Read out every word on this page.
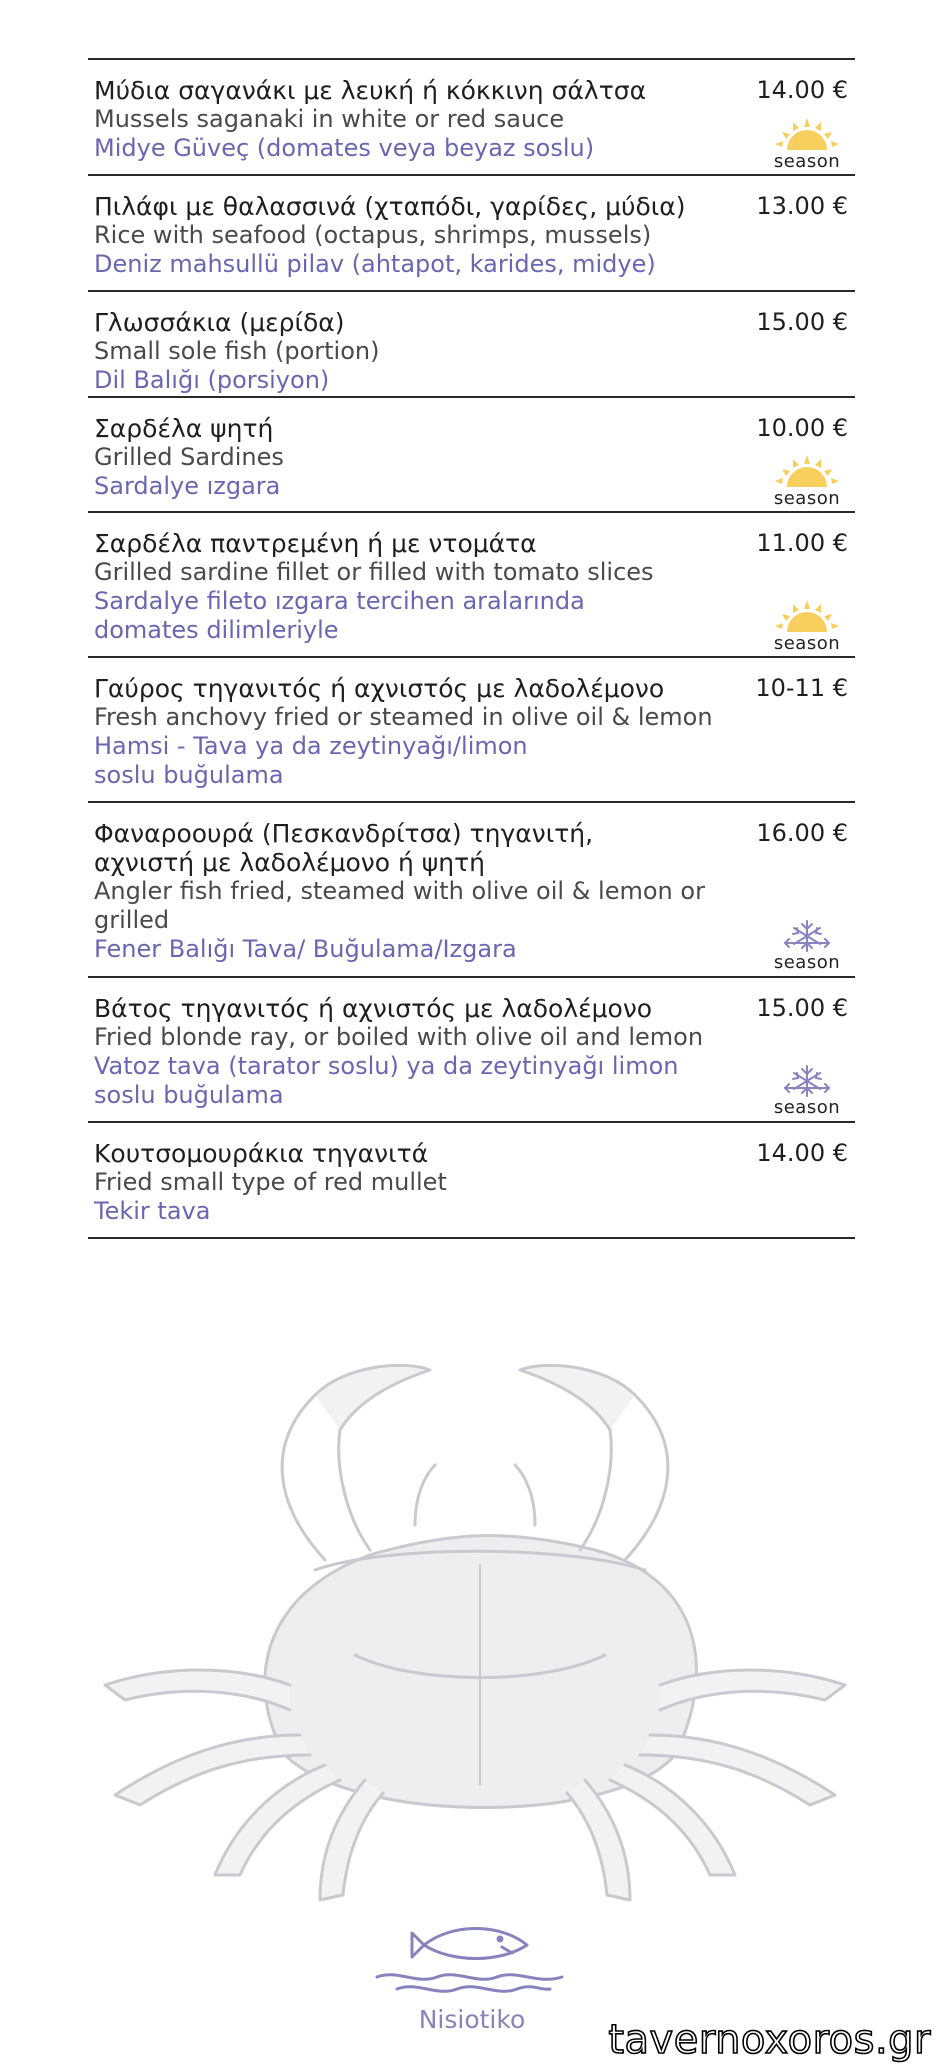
Μύδια σαγανάκι με λευκή ή κόκκινη σάλτσα
Mussels saganaki in white or red sauce
Midye Güveç (domates veya beyaz soslu)
14.00 €
season
Πιλάφι με θαλασσινά (χταπόδι, γαρίδες, μύδια)
Rice with seafood (octapus, shrimps, mussels)
Deniz mahsullü pilav (ahtapot, karides, midye)
13.00 €
Γλωσσάκια (μερίδα)
Small sole fish (portion)
Dil Balığı (porsiyon)
15.00 €
Σαρδέλα ψητή
Grilled Sardines
Sardalye ızgara
10.00 €
season
Σαρδέλα παντρεμένη ή με ντομάτα
Grilled sardine fillet or filled with tomato slices
Sardalye fileto ızgara tercihen aralarında domates dilimleriyle
11.00 €
season
Γαύρος τηγανιτός ή αχνιστός με λαδολέμονο
Fresh anchovy fried or steamed in olive oil & lemon
Hamsi - Tava ya da zeytinyağı/limon soslu buğulama
10-11 €
Φαναροουρά (Πεσκανδρίτσα) τηγανιτή, αχνιστή με λαδολέμονο ή ψητή
Angler fish fried, steamed with olive oil & lemon or grilled
Fener Balığı Tava/ Buğulama/Izgara
16.00 €
season
Βάτος τηγανιτός ή αχνιστός με λαδολέμονο
Fried blonde ray, or boiled with olive oil and lemon
Vatoz tava (tarator soslu) ya da zeytinyağı limon soslu buğulama
15.00 €
season
Κουτσομουράκια τηγανιτά
Fried small type of red mullet
Tekir tava
14.00 €
Nisiotiko	tavernoxoros.gr
